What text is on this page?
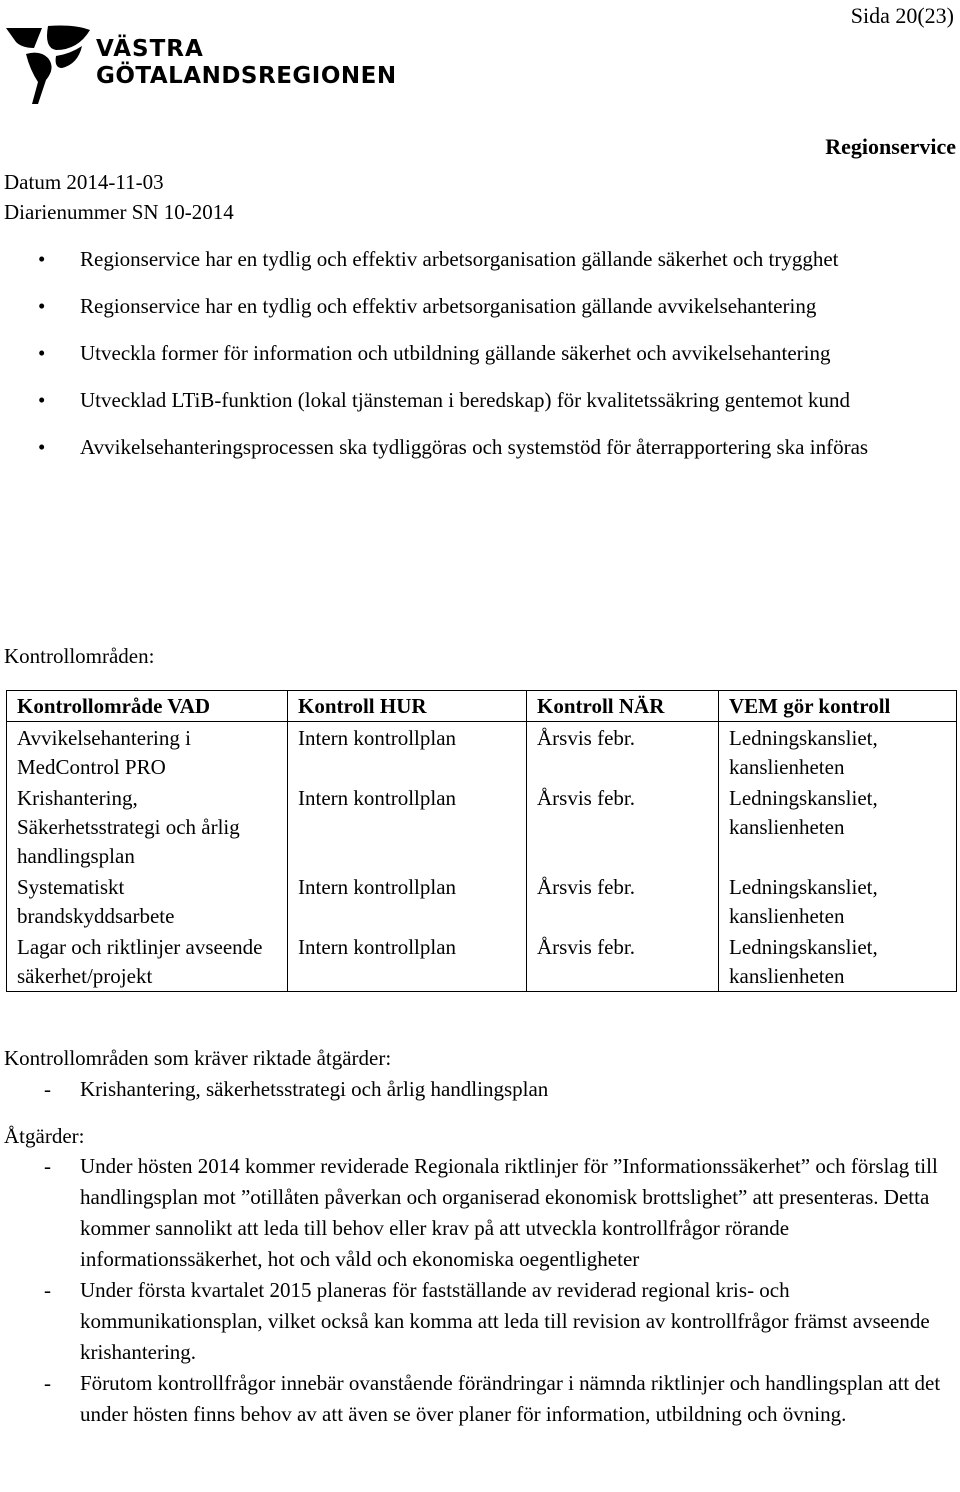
Sida 20(23)
VÄSTRA
GÖTALANDSREGIONEN
Regionservice
Datum 2014-11-03
Diarienummer SN 10-2014
• Regionservice har en tydlig och effektiv arbetsorganisation gällande säkerhet och trygghet
• Regionservice har en tydlig och effektiv arbetsorganisation gällande avvikelsehantering
• Utveckla former för information och utbildning gällande säkerhet och avvikelsehantering
• Utvecklad LTiB-funktion (lokal tjänsteman i beredskap) för kvalitetssäkring gentemot kund
• Avvikelsehanteringsprocessen ska tydliggöras och systemstöd för återrapportering ska införas
Kontrollområden:
Kontrollområde VAD	Kontroll HUR	Kontroll NÄR	VEM gör kontroll
Avvikelsehantering i MedControl PRO	Intern kontrollplan	Årsvis febr.	Ledningskansliet, kanslienheten
Krishantering, Säkerhetsstrategi och årlig handlingsplan	Intern kontrollplan	Årsvis febr.	Ledningskansliet, kanslienheten
Systematiskt brandskyddsarbete	Intern kontrollplan	Årsvis febr.	Ledningskansliet, kanslienheten
Lagar och riktlinjer avseende säkerhet/projekt	Intern kontrollplan	Årsvis febr.	Ledningskansliet, kanslienheten
Kontrollområden som kräver riktade åtgärder:
- Krishantering, säkerhetsstrategi och årlig handlingsplan
Åtgärder:
- Under hösten 2014 kommer reviderade Regionala riktlinjer för ”Informationssäkerhet” och förslag till handlingsplan mot ”otillåten påverkan och organiserad ekonomisk brottslighet” att presenteras. Detta kommer sannolikt att leda till behov eller krav på att utveckla kontrollfrågor rörande informationssäkerhet, hot och våld och ekonomiska oegentligheter
- Under första kvartalet 2015 planeras för fastställande av reviderad regional kris- och kommunikationsplan, vilket också kan komma att leda till revision av kontrollfrågor främst avseende krishantering.
- Förutom kontrollfrågor innebär ovanstående förändringar i nämnda riktlinjer och handlingsplan att det under hösten finns behov av att även se över planer för information, utbildning och övning.
